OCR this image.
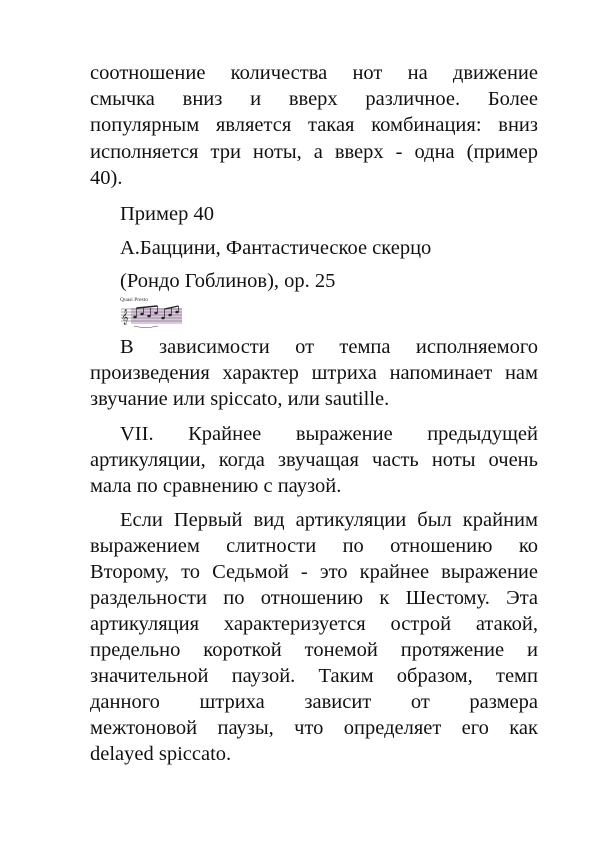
соотношение количества нот на движение
смычка вниз и вверх различное. Более
популярным является такая комбинация: вниз
исполняется три ноты, а вверх - одна (пример
40).
Пример 40
А.Баццини, Фантастическое скерцо
(Рондо Гоблинов), ор. 25
Quasi Presto
𝄞
В зависимости от темпа исполняемого
произведения характер штриха напоминает нам
звучание или spiccato, или sautille.
VII. Крайнее выражение предыдущей
артикуляции, когда звучащая часть ноты очень
мала по сравнению с паузой.
Если Первый вид артикуляции был крайним
выражением слитности по отношению ко
Второму, то Седьмой - это крайнее выражение
раздельности по отношению к Шестому. Эта
артикуляция характеризуется острой атакой,
предельно короткой тонемой протяжение и
значительной паузой. Таким образом, темп
данного штриха зависит от размера
межтоновой паузы, что определяет его как
delayed spiccato.
